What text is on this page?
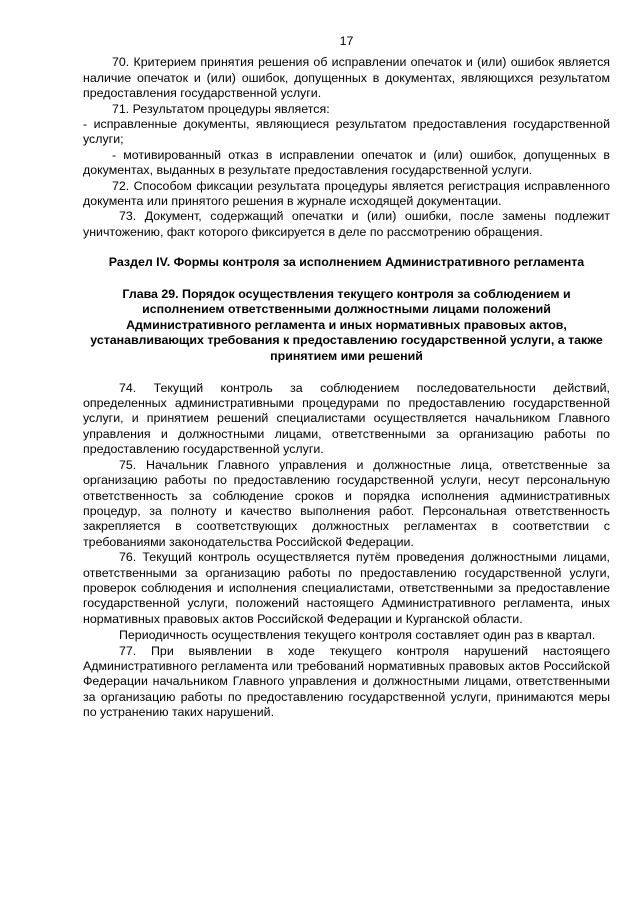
17

70. Критерием принятия решения об исправлении опечаток и (или) ошибок является наличие опечаток и (или) ошибок, допущенных в документах, являющихся результатом предоставления государственной услуги.

71. Результатом процедуры является:

- исправленные документы, являющиеся результатом предоставления государственной услуги;

- мотивированный отказ в исправлении опечаток и (или) ошибок, допущенных в документах, выданных в результате предоставления государственной услуги.

72. Способом фиксации результата процедуры является регистрация исправленного документа или принятого решения в журнале исходящей документации.

73. Документ, содержащий опечатки и (или) ошибки, после замены подлежит уничтожению, факт которого фиксируется в деле по рассмотрению обращения.

Раздел IV. Формы контроля за исполнением Административного регламента

Глава 29. Порядок осуществления текущего контроля за соблюдением и исполнением ответственными должностными лицами положений Административного регламента и иных нормативных правовых актов, устанавливающих требования к предоставлению государственной услуги, а также принятием ими решений

74. Текущий контроль за соблюдением последовательности действий, определенных административными процедурами по предоставлению государственной услуги, и принятием решений специалистами осуществляется начальником Главного управления и должностными лицами, ответственными за организацию работы по предоставлению государственной услуги.

75. Начальник Главного управления и должностные лица, ответственные за организацию работы по предоставлению государственной услуги, несут персональную ответственность за соблюдение сроков и порядка исполнения административных процедур, за полноту и качество выполнения работ. Персональная ответственность закрепляется в соответствующих должностных регламентах в соответствии с требованиями законодательства Российской Федерации.

76. Текущий контроль осуществляется путём проведения должностными лицами, ответственными за организацию работы по предоставлению государственной услуги, проверок соблюдения и исполнения специалистами, ответственными за предоставление государственной услуги, положений настоящего Административного регламента, иных нормативных правовых актов Российской Федерации и Курганской области.

Периодичность осуществления текущего контроля составляет один раз в квартал.

77. При выявлении в ходе текущего контроля нарушений настоящего Административного регламента или требований нормативных правовых актов Российской Федерации начальником Главного управления и должностными лицами, ответственными за организацию работы по предоставлению государственной услуги, принимаются меры по устранению таких нарушений.
